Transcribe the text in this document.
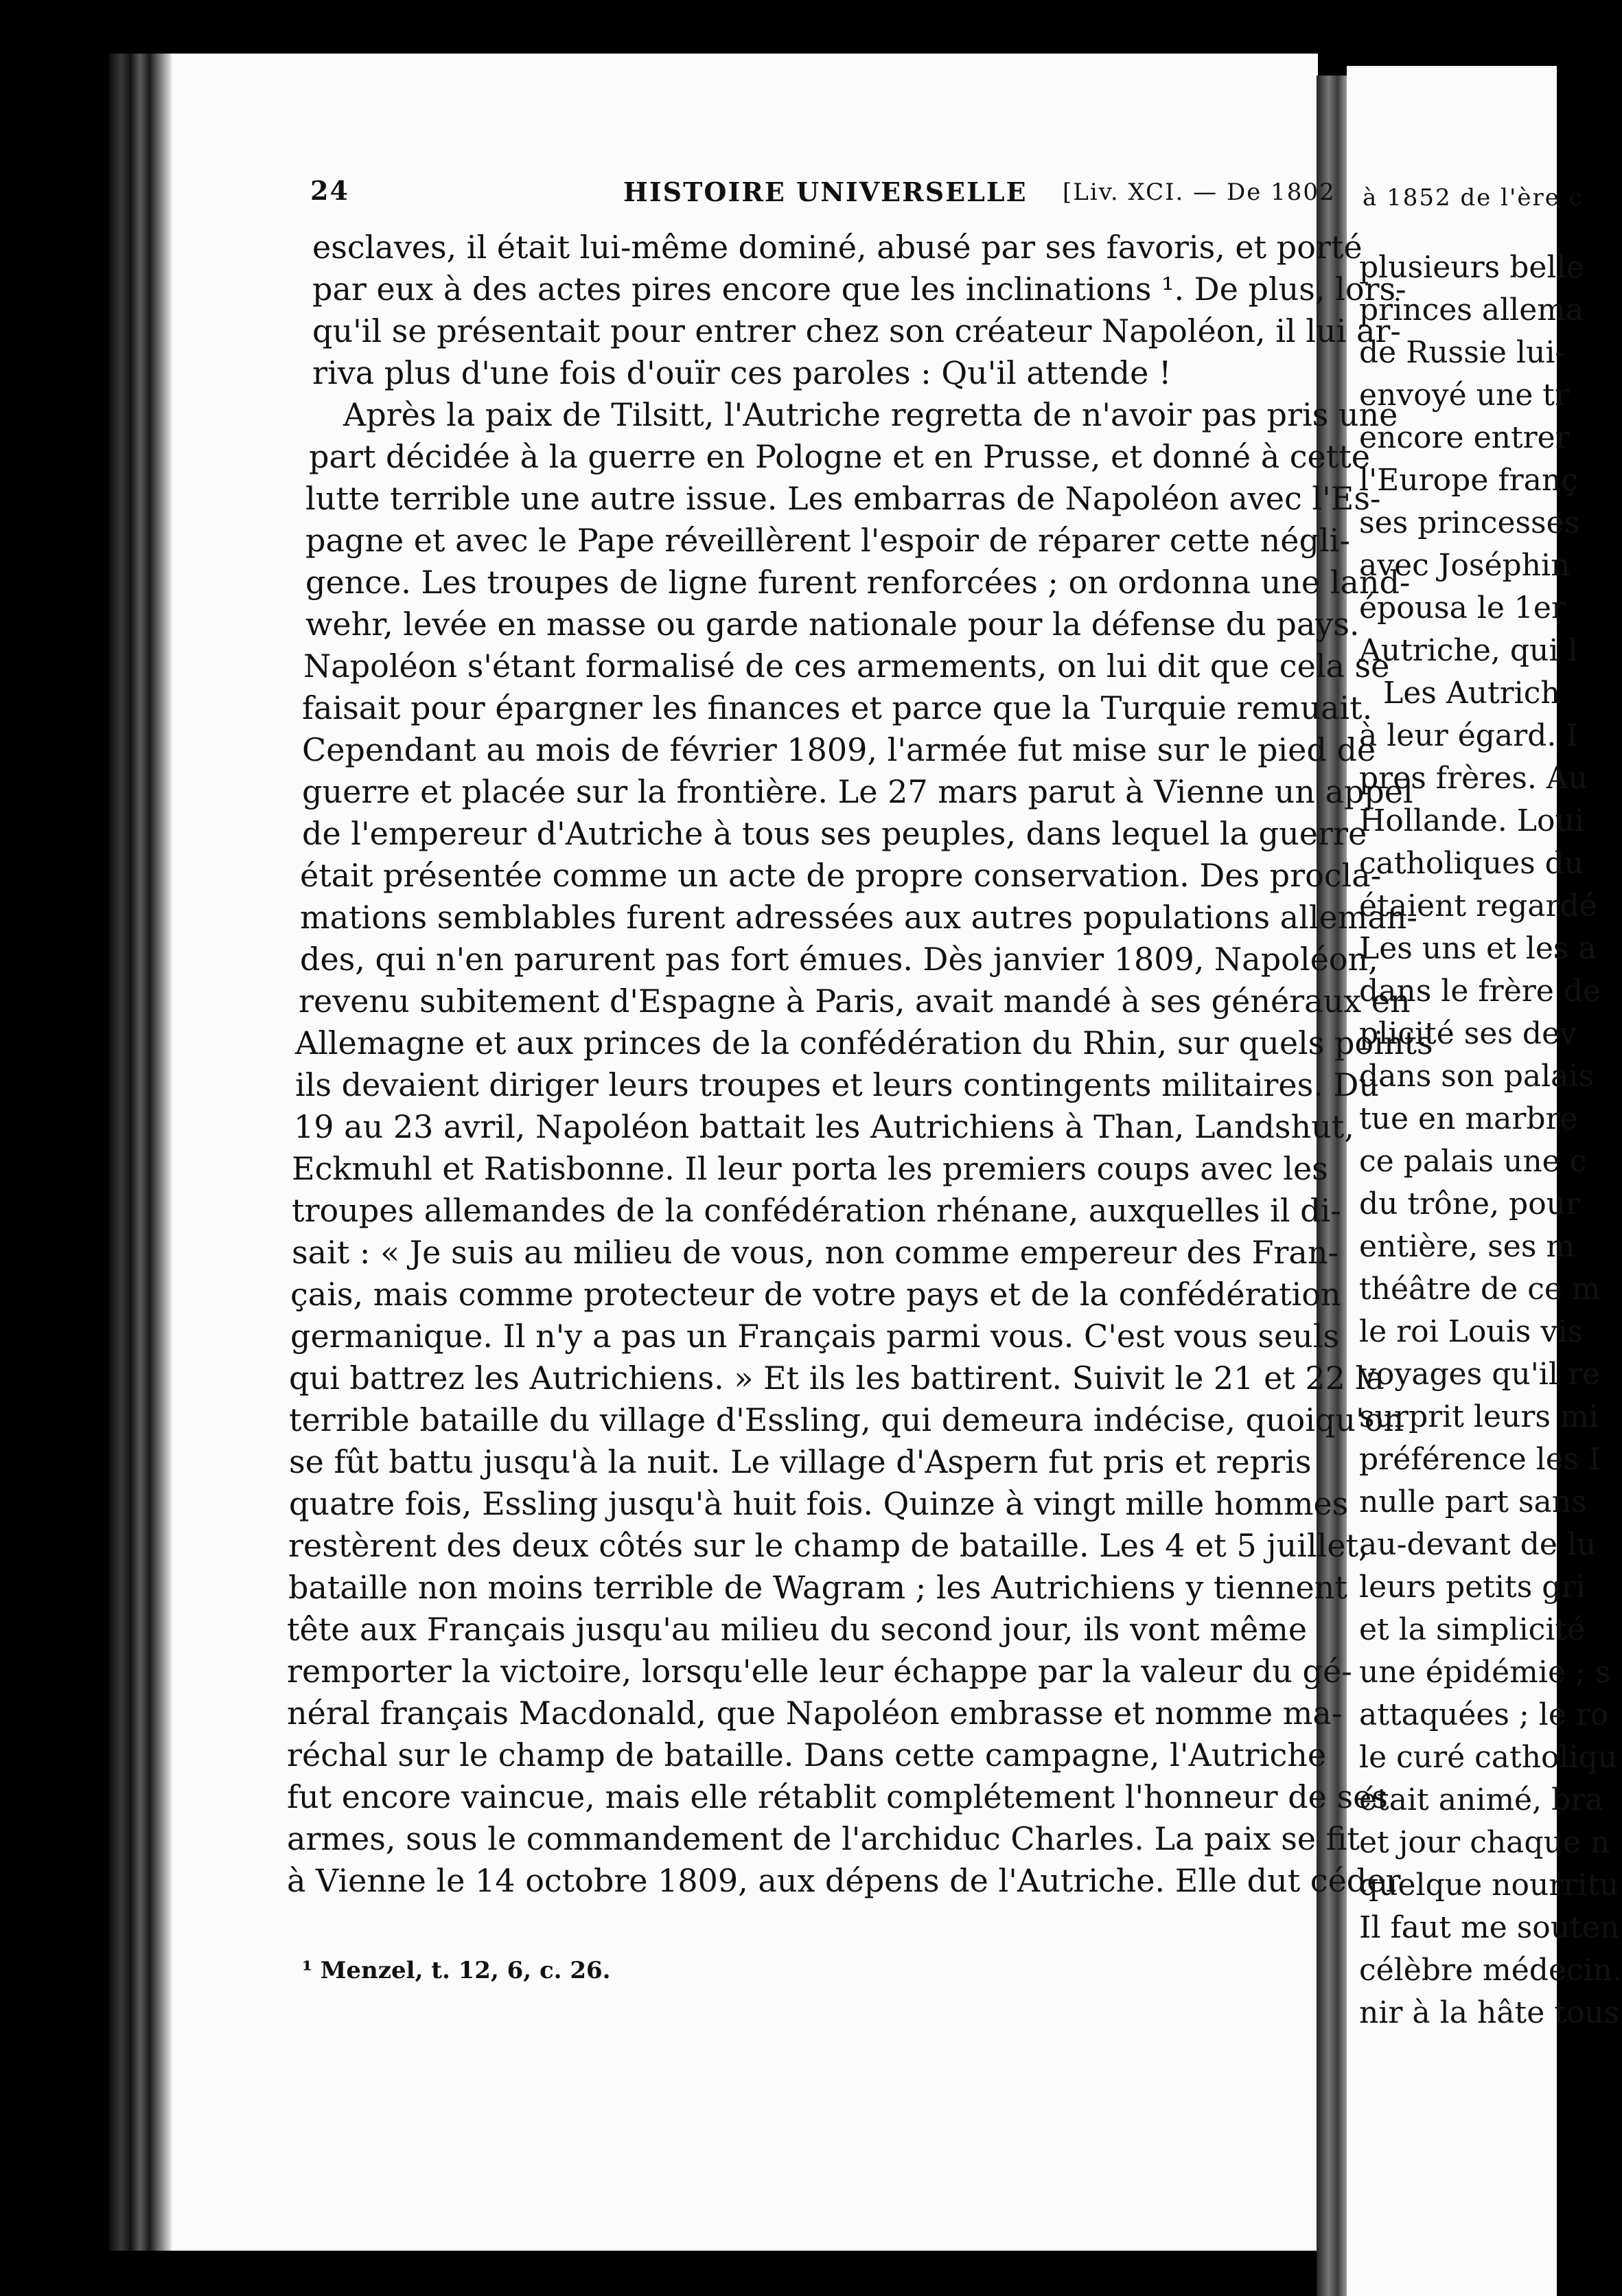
24	HISTOIRE UNIVERSELLE [Liv. XCI. — De 1802
esclaves, il était lui-même dominé, abusé par ses favoris, et porté
par eux à des actes pires encore que les inclinations ¹. De plus, lors-
qu'il se présentait pour entrer chez son créateur Napoléon, il lui ar-
riva plus d'une fois d'ouïr ces paroles : Qu'il attende !
Après la paix de Tilsitt, l'Autriche regretta de n'avoir pas pris une
part décidée à la guerre en Pologne et en Prusse, et donné à cette
lutte terrible une autre issue. Les embarras de Napoléon avec l'Es-
pagne et avec le Pape réveillèrent l'espoir de réparer cette négli-
gence. Les troupes de ligne furent renforcées ; on ordonna une land-
wehr, levée en masse ou garde nationale pour la défense du pays.
Napoléon s'étant formalisé de ces armements, on lui dit que cela se
faisait pour épargner les finances et parce que la Turquie remuait.
Cependant au mois de février 1809, l'armée fut mise sur le pied de
guerre et placée sur la frontière. Le 27 mars parut à Vienne un appel
de l'empereur d'Autriche à tous ses peuples, dans lequel la guerre
était présentée comme un acte de propre conservation. Des procla-
mations semblables furent adressées aux autres populations alleman-
des, qui n'en parurent pas fort émues. Dès janvier 1809, Napoléon,
revenu subitement d'Espagne à Paris, avait mandé à ses généraux en
Allemagne et aux princes de la confédération du Rhin, sur quels points
ils devaient diriger leurs troupes et leurs contingents militaires. Du
19 au 23 avril, Napoléon battait les Autrichiens à Than, Landshut,
Eckmuhl et Ratisbonne. Il leur porta les premiers coups avec les
troupes allemandes de la confédération rhénane, auxquelles il di-
sait : « Je suis au milieu de vous, non comme empereur des Fran-
çais, mais comme protecteur de votre pays et de la confédération
germanique. Il n'y a pas un Français parmi vous. C'est vous seuls
qui battrez les Autrichiens. » Et ils les battirent. Suivit le 21 et 22 la
terrible bataille du village d'Essling, qui demeura indécise, quoiqu'on
se fût battu jusqu'à la nuit. Le village d'Aspern fut pris et repris
quatre fois, Essling jusqu'à huit fois. Quinze à vingt mille hommes
restèrent des deux côtés sur le champ de bataille. Les 4 et 5 juillet,
bataille non moins terrible de Wagram ; les Autrichiens y tiennent
tête aux Français jusqu'au milieu du second jour, ils vont même
remporter la victoire, lorsqu'elle leur échappe par la valeur du gé-
néral français Macdonald, que Napoléon embrasse et nomme ma-
réchal sur le champ de bataille. Dans cette campagne, l'Autriche
fut encore vaincue, mais elle rétablit complétement l'honneur de ses
armes, sous le commandement de l'archiduc Charles. La paix se fit
à Vienne le 14 octobre 1809, aux dépens de l'Autriche. Elle dut céder
¹ Menzel, t. 12, 6, c. 26.
à 1852 de l'ère c
plusieurs belle
princes allema
de Russie lui-
envoyé une tr
encore entrer
l'Europe franç
ses princesses
avec Joséphin
épousa le 1er
Autriche, qui l
Les Autrich
à leur égard. I
pres frères. Au
Hollande. Loui
catholiques du
étaient regardé
Les uns et les a
dans le frère de
plicité ses dev
dans son palais
tue en marbre
ce palais une c
du trône, pour
entière, ses m
théâtre de ce m
le roi Louis vis
voyages qu'il re
surprit leurs mi
préférence les I
nulle part sans
au-devant de lu
leurs petits gri
et la simplicité
une épidémie ; s
attaquées ; le ro
le curé catholiqu
était animé, bra
et jour chaque n
quelque nourritu
Il faut me souten
célèbre médecin.
nir à la hâte tous
